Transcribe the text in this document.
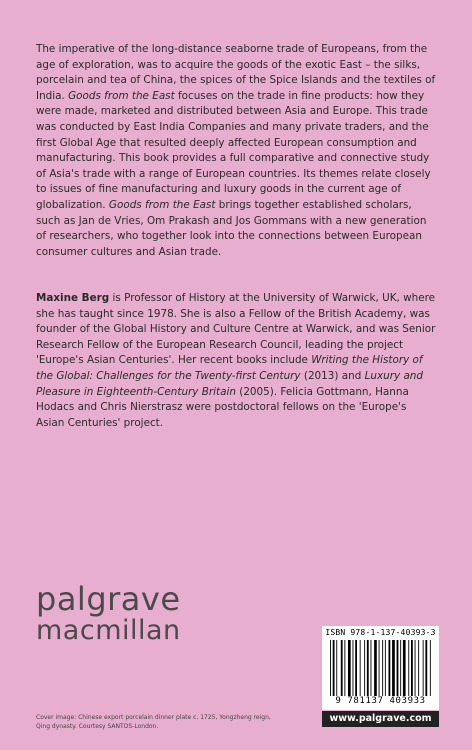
The imperative of the long-distance seaborne trade of Europeans, from the age of exploration, was to acquire the goods of the exotic East – the silks, porcelain and tea of China, the spices of the Spice Islands and the textiles of India. Goods from the East focuses on the trade in fine products: how they were made, marketed and distributed between Asia and Europe. This trade was conducted by East India Companies and many private traders, and the first Global Age that resulted deeply affected European consumption and manufacturing. This book provides a full comparative and connective study of Asia's trade with a range of European countries. Its themes relate closely to issues of fine manufacturing and luxury goods in the current age of globalization. Goods from the East brings together established scholars, such as Jan de Vries, Om Prakash and Jos Gommans with a new generation of researchers, who together look into the connections between European consumer cultures and Asian trade.

Maxine Berg is Professor of History at the University of Warwick, UK, where she has taught since 1978. She is also a Fellow of the British Academy, was founder of the Global History and Culture Centre at Warwick, and was Senior Research Fellow of the European Research Council, leading the project 'Europe's Asian Centuries'. Her recent books include Writing the History of the Global: Challenges for the Twenty-first Century (2013) and Luxury and Pleasure in Eighteenth-Century Britain (2005). Felicia Gottmann, Hanna Hodacs and Chris Nierstrasz were postdoctoral fellows on the 'Europe's Asian Centuries' project.

palgrave
macmillan	ISBN 978-1-137-40393-3
9 781137 403933
www.palgrave.com
Cover image: Chinese export porcelain dinner plate c. 1725, Yongzheng reign, Qing dynasty. Courtesy SANTOS-London.
